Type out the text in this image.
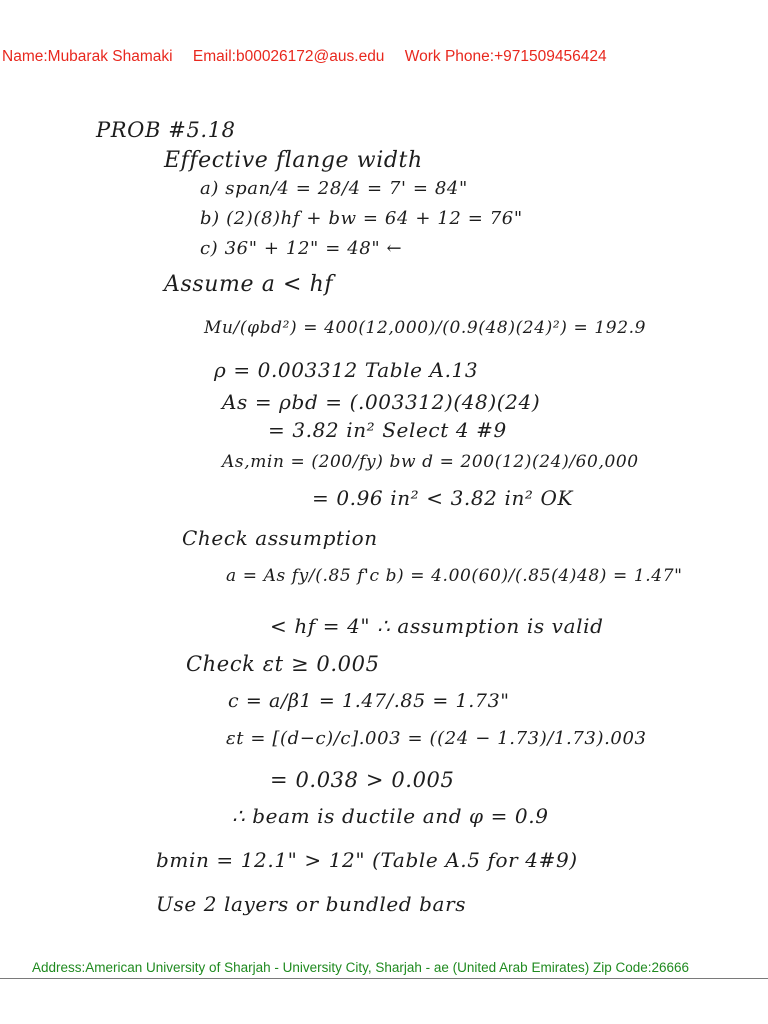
Name:Mubarak Shamaki Email:b00026172@aus.edu Work Phone:+971509456424
PROB #5.18
Effective flange width
a) span/4 = 28/4 = 7' = 84"
b) (2)(8)hf + bw = 64 + 12 = 76"
c) 36" + 12" = 48" ←
Assume a < hf
Mu/(φbd²) = 400(12,000)/(0.9(48)(24)²) = 192.9
ρ = 0.003312 Table A.13
As = ρbd = (.003312)(48)(24)
= 3.82 in² Select 4 #9
As,min = (200/fy) bw d = 200(12)(24)/60,000
= 0.96 in² < 3.82 in² OK
Check assumption
a = As fy/(.85 f'c b) = 4.00(60)/(.85(4)48) = 1.47"
< hf = 4" ∴ assumption is valid
Check εt ≥ 0.005
c = a/β1 = 1.47/.85 = 1.73"
εt = [(d−c)/c].003 = ((24 − 1.73)/1.73).003
= 0.038 > 0.005
∴ beam is ductile and φ = 0.9
bmin = 12.1" > 12" (Table A.5 for 4#9)
Use 2 layers or bundled bars
Address:American University of Sharjah - University City, Sharjah - ae (United Arab Emirates) Zip Code:26666
